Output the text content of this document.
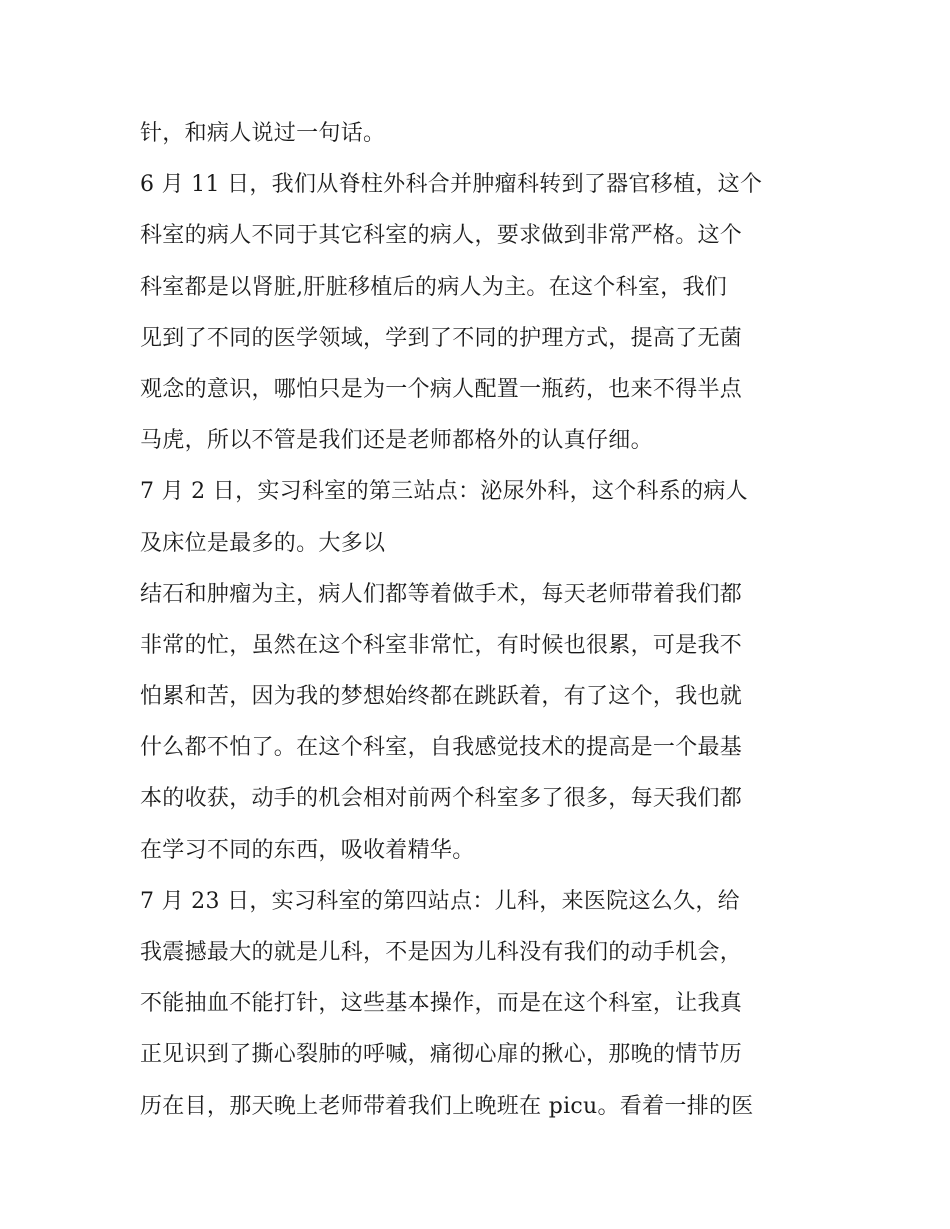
针，和病人说过一句话。
6 月 11 日，我们从脊柱外科合并肿瘤科转到了器官移植，这个
科室的病人不同于其它科室的病人，要求做到非常严格。这个
科室都是以肾脏,肝脏移植后的病人为主。在这个科室，我们
见到了不同的医学领域，学到了不同的护理方式，提高了无菌
观念的意识，哪怕只是为一个病人配置一瓶药，也来不得半点
马虎，所以不管是我们还是老师都格外的认真仔细。
7 月 2 日，实习科室的第三站点：泌尿外科，这个科系的病人
及床位是最多的。大多以
结石和肿瘤为主，病人们都等着做手术，每天老师带着我们都
非常的忙，虽然在这个科室非常忙，有时候也很累，可是我不
怕累和苦，因为我的梦想始终都在跳跃着，有了这个，我也就
什么都不怕了。在这个科室，自我感觉技术的提高是一个最基
本的收获，动手的机会相对前两个科室多了很多，每天我们都
在学习不同的东西，吸收着精华。
7 月 23 日，实习科室的第四站点：儿科，来医院这么久，给
我震撼最大的就是儿科，不是因为儿科没有我们的动手机会，
不能抽血不能打针，这些基本操作，而是在这个科室，让我真
正见识到了撕心裂肺的呼喊，痛彻心扉的揪心，那晚的情节历
历在目，那天晚上老师带着我们上晚班在 picu。看着一排的医
